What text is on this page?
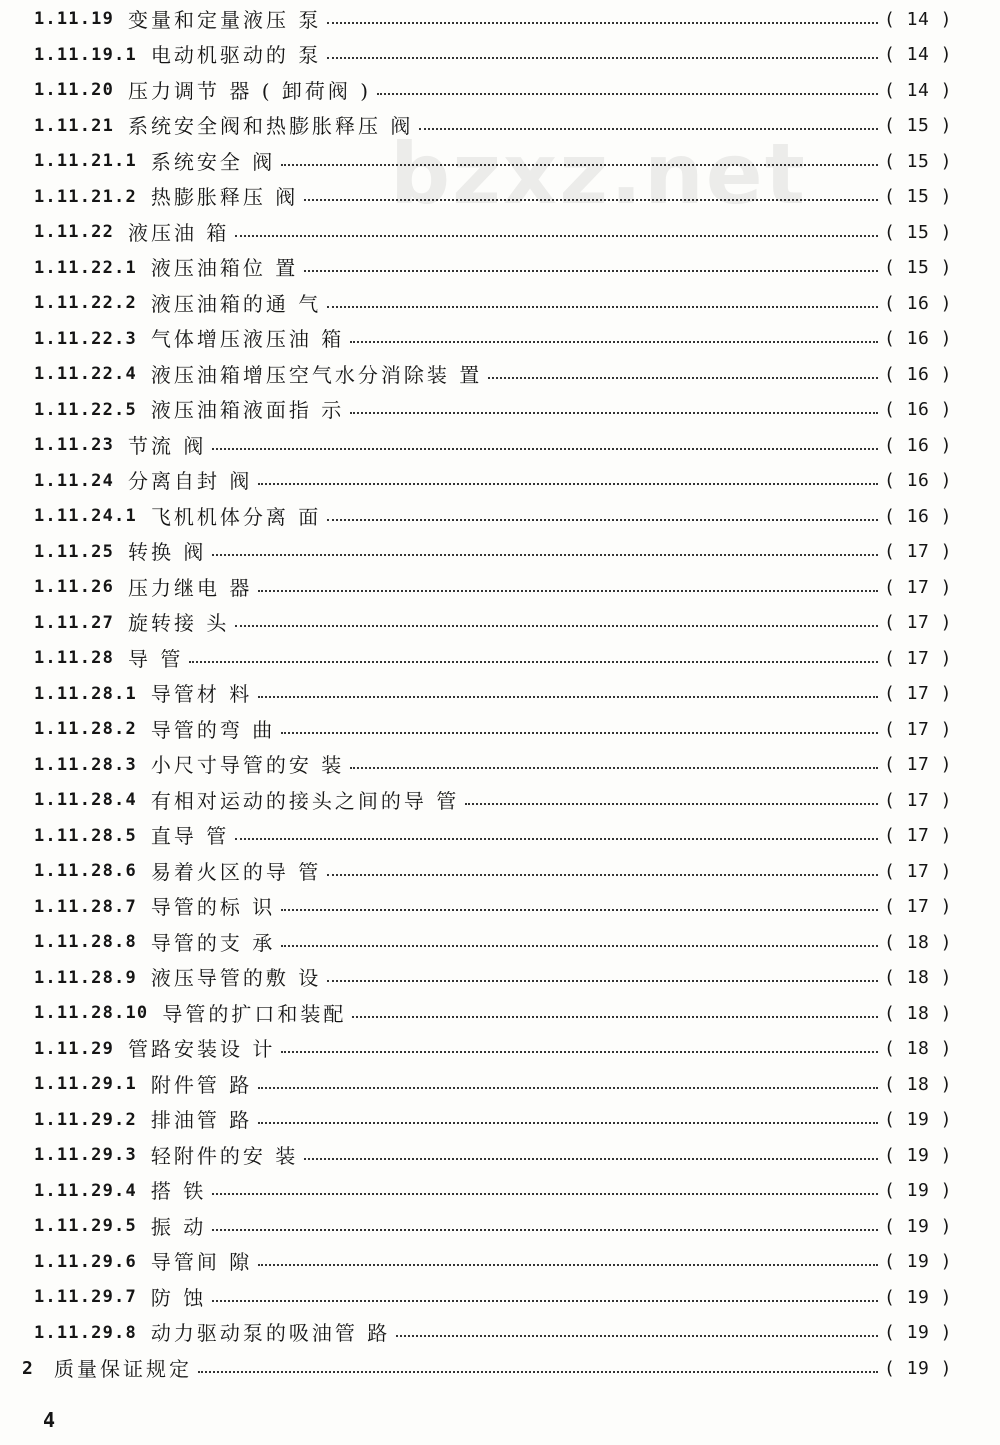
bzxz.net
1.11.19 变量和定量液压 泵	( 14 )
1.11.19.1 电动机驱动的 泵	( 14 )
1.11.20 压力调节 器 ( 卸荷阀 )	( 14 )
1.11.21 系统安全阀和热膨胀释压 阀	( 15 )
1.11.21.1 系统安全 阀	( 15 )
1.11.21.2 热膨胀释压 阀	( 15 )
1.11.22 液压油 箱	( 15 )
1.11.22.1 液压油箱位 置	( 15 )
1.11.22.2 液压油箱的通 气	( 16 )
1.11.22.3 气体增压液压油 箱	( 16 )
1.11.22.4 液压油箱增压空气水分消除装 置	( 16 )
1.11.22.5 液压油箱液面指 示	( 16 )
1.11.23 节流 阀	( 16 )
1.11.24 分离自封 阀	( 16 )
1.11.24.1 飞机机体分离 面	( 16 )
1.11.25 转换 阀	( 17 )
1.11.26 压力继电 器	( 17 )
1.11.27 旋转接 头	( 17 )
1.11.28 导 管	( 17 )
1.11.28.1 导管材 料	( 17 )
1.11.28.2 导管的弯 曲	( 17 )
1.11.28.3 小尺寸导管的安 装	( 17 )
1.11.28.4 有相对运动的接头之间的导 管	( 17 )
1.11.28.5 直导 管	( 17 )
1.11.28.6 易着火区的导 管	( 17 )
1.11.28.7 导管的标 识	( 17 )
1.11.28.8 导管的支 承	( 18 )
1.11.28.9 液压导管的敷 设	( 18 )
1.11.28.10 导管的扩口和装配	( 18 )
1.11.29 管路安装设 计	( 18 )
1.11.29.1 附件管 路	( 18 )
1.11.29.2 排油管 路	( 19 )
1.11.29.3 轻附件的安 装	( 19 )
1.11.29.4 搭 铁	( 19 )
1.11.29.5 振 动	( 19 )
1.11.29.6 导管间 隙	( 19 )
1.11.29.7 防 蚀	( 19 )
1.11.29.8 动力驱动泵的吸油管 路	( 19 )
2	质量保证规定	( 19 )
4
